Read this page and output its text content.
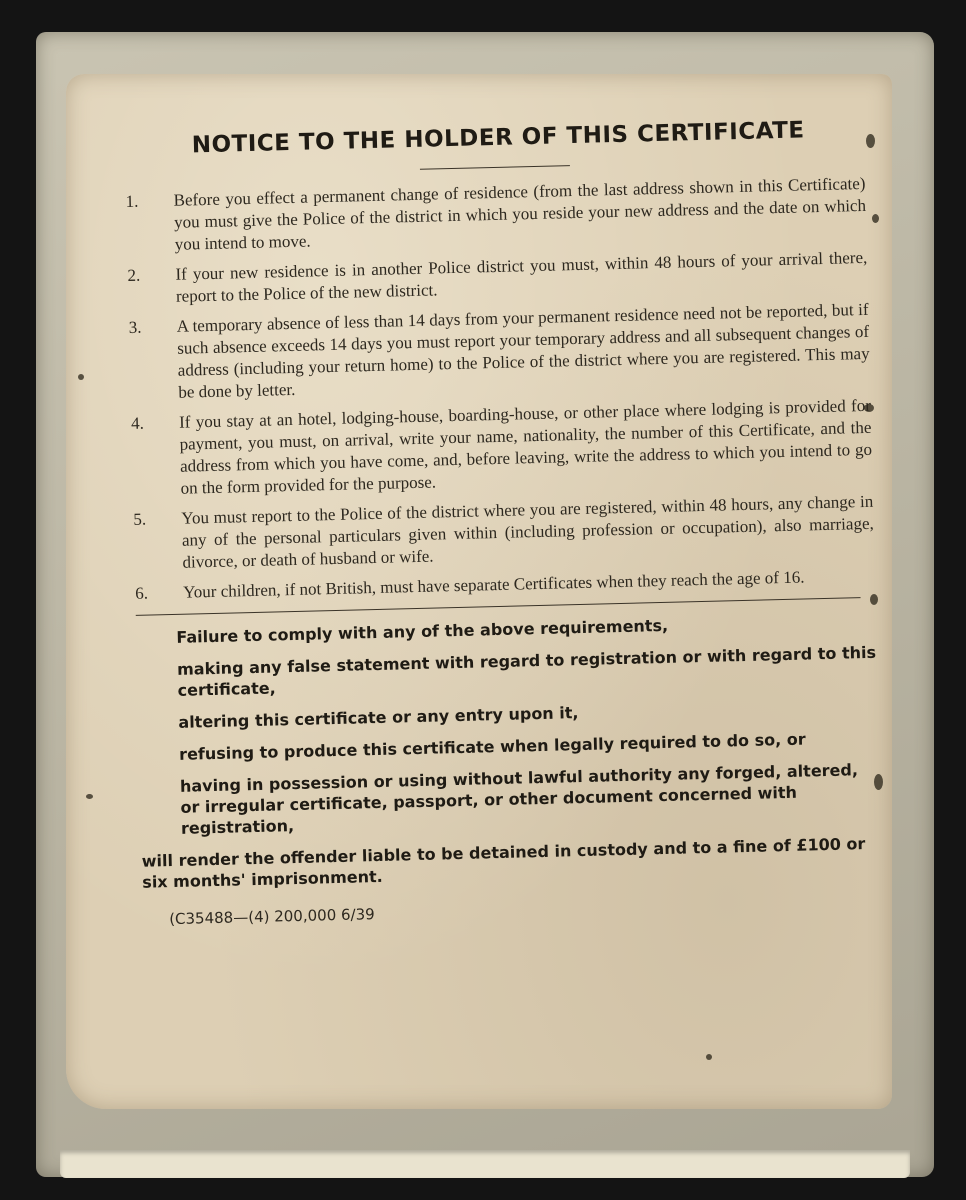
NOTICE TO THE HOLDER OF THIS CERTIFICATE
1.	Before you effect a permanent change of residence (from the last address shown in this Certificate) you must give the Police of the district in which you reside your new address and the date on which you intend to move.
2.	If your new residence is in another Police district you must, within 48 hours of your arrival there, report to the Police of the new district.
3.	A temporary absence of less than 14 days from your permanent residence need not be reported, but if such absence exceeds 14 days you must report your temporary address and all subsequent changes of address (including your return home) to the Police of the district where you are registered. This may be done by letter.
4.	If you stay at an hotel, lodging-house, boarding-house, or other place where lodging is provided for payment, you must, on arrival, write your name, nationality, the number of this Certificate, and the address from which you have come, and, before leaving, write the address to which you intend to go on the form provided for the purpose.
5.	You must report to the Police of the district where you are registered, within 48 hours, any change in any of the personal particulars given within (including profession or occupation), also marriage, divorce, or death of husband or wife.
6.	Your children, if not British, must have separate Certificates when they reach the age of 16.
Failure to comply with any of the above requirements,
making any false statement with regard to registration or with regard to this certificate,
altering this certificate or any entry upon it,
refusing to produce this certificate when legally required to do so, or
having in possession or using without lawful authority any forged, altered, or irregular certificate, passport, or other document concerned with registration,
will render the offender liable to be detained in custody and to a fine of £100 or six months' imprisonment.
(C35488—(4) 200,000 6/39
